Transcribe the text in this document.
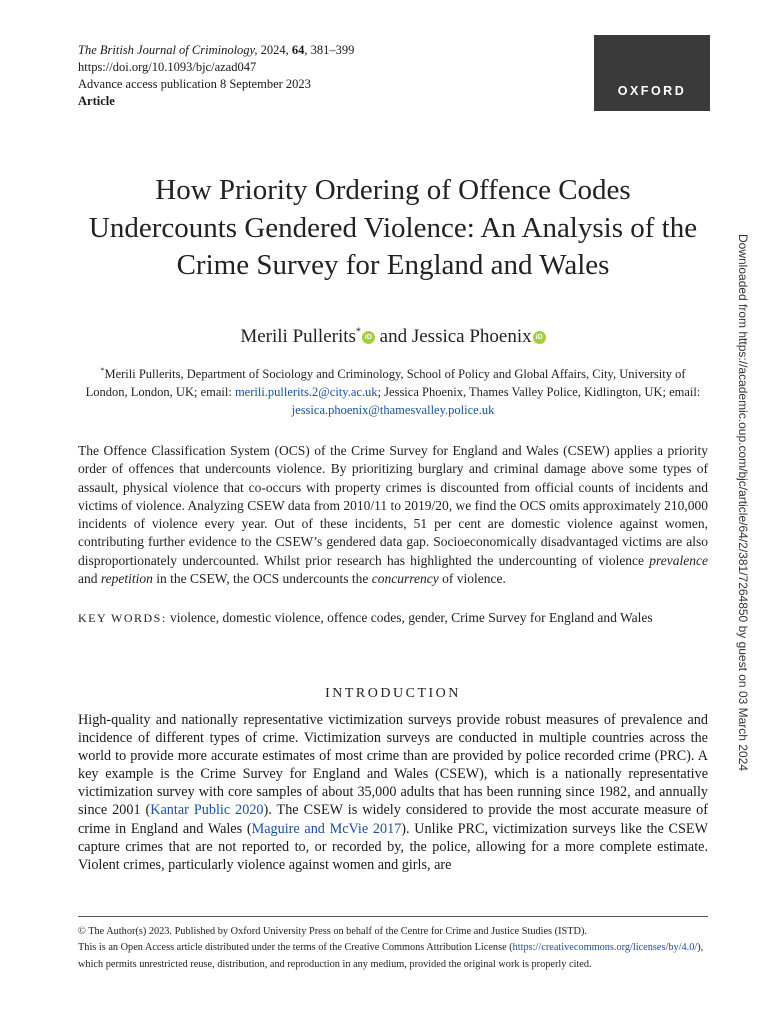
The British Journal of Criminology, 2024, 64, 381–399
https://doi.org/10.1093/bjc/azad047
Advance access publication 8 September 2023
Article
OXFORD
How Priority Ordering of Offence Codes Undercounts Gendered Violence: An Analysis of the Crime Survey for England and Wales
Merili Pullerits* iD and Jessica Phoenix iD
*Merili Pullerits, Department of Sociology and Criminology, School of Policy and Global Affairs, City, University of London, London, UK; email: merili.pullerits.2@city.ac.uk; Jessica Phoenix, Thames Valley Police, Kidlington, UK; email: jessica.phoenix@thamesvalley.police.uk
The Offence Classification System (OCS) of the Crime Survey for England and Wales (CSEW) applies a priority order of offences that undercounts violence. By prioritizing burglary and criminal damage above some types of assault, physical violence that co-occurs with property crimes is discounted from official counts of incidents and victims of violence. Analyzing CSEW data from 2010/11 to 2019/20, we find the OCS omits approximately 210,000 incidents of violence every year. Out of these incidents, 51 per cent are domestic violence against women, contributing further evidence to the CSEW’s gendered data gap. Socioeconomically disadvantaged victims are also disproportionately undercounted. Whilst prior research has highlighted the undercounting of violence prevalence and repetition in the CSEW, the OCS undercounts the concurrency of violence.
KEY WORDS: violence, domestic violence, offence codes, gender, Crime Survey for England and Wales
INTRODUCTION
High-quality and nationally representative victimization surveys provide robust measures of prevalence and incidence of different types of crime. Victimization surveys are conducted in multiple countries across the world to provide more accurate estimates of most crime than are provided by police recorded crime (PRC). A key example is the Crime Survey for England and Wales (CSEW), which is a nationally representative victimization survey with core samples of about 35,000 adults that has been running since 1982, and annually since 2001 (Kantar Public 2020). The CSEW is widely considered to provide the most accurate measure of crime in England and Wales (Maguire and McVie 2017). Unlike PRC, victimization surveys like the CSEW capture crimes that are not reported to, or recorded by, the police, allowing for a more complete estimate. Violent crimes, particularly violence against women and girls, are
© The Author(s) 2023. Published by Oxford University Press on behalf of the Centre for Crime and Justice Studies (ISTD).
This is an Open Access article distributed under the terms of the Creative Commons Attribution License (https://creativecommons.org/licenses/by/4.0/), which permits unrestricted reuse, distribution, and reproduction in any medium, provided the original work is properly cited.
Downloaded from https://academic.oup.com/bjc/article/64/2/381/7264850 by guest on 03 March 2024
